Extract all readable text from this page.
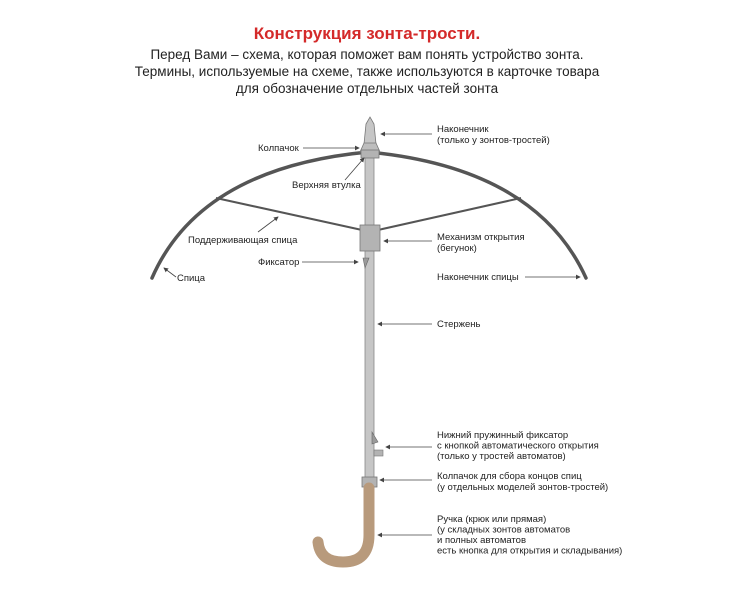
Конструкция зонта-трости.
Перед Вами – схема, которая поможет вам понять устройство зонта.
Термины, используемые на схеме, также используются в карточке товара
для обозначение отдельных частей зонта
Наконечник (только у зонтов-тростей)
Колпачок
Верхняя втулка
Поддерживающая спица
Спица
Фиксатор
Механизм открытия (бегунок)
Наконечник спицы
Стержень
Нижний пружинный фиксатор с кнопкой автоматического открытия (только у тростей автоматов)
Колпачок для сбора концов спиц (у отдельных моделей зонтов-тростей)
Ручка (крюк или прямая) (у складных зонтов автоматов и полных автоматов есть кнопка для открытия и складывания)
